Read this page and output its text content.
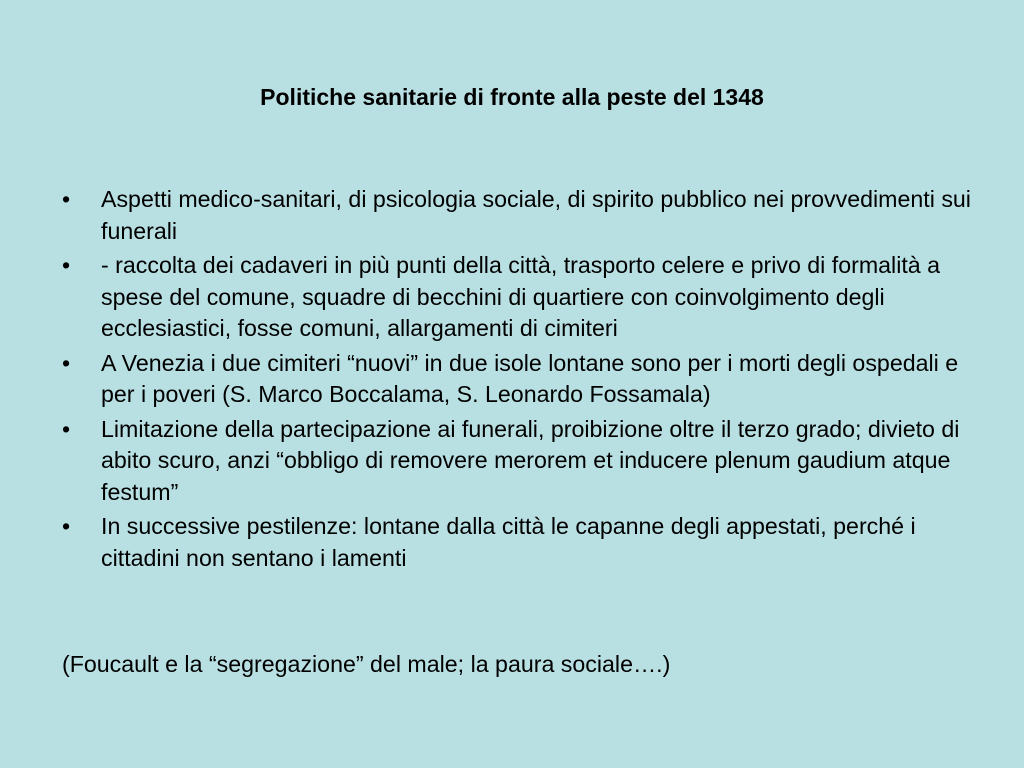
Politiche sanitarie di fronte alla peste del 1348
• Aspetti medico-sanitari, di psicologia sociale, di spirito pubblico nei provvedimenti sui funerali
• - raccolta dei cadaveri in più punti della città, trasporto celere e privo di formalità a spese del comune, squadre di becchini di quartiere con coinvolgimento degli ecclesiastici, fosse comuni, allargamenti di cimiteri
• A Venezia i due cimiteri “nuovi” in due isole lontane sono per i morti degli ospedali e per i poveri (S. Marco Boccalama, S. Leonardo Fossamala)
• Limitazione della partecipazione ai funerali, proibizione oltre il terzo grado; divieto di abito scuro, anzi “obbligo di removere merorem et inducere plenum gaudium atque festum”
• In successive pestilenze: lontane dalla città le capanne degli appestati, perché i cittadini non sentano i lamenti
(Foucault e la “segregazione” del male; la paura sociale….)
